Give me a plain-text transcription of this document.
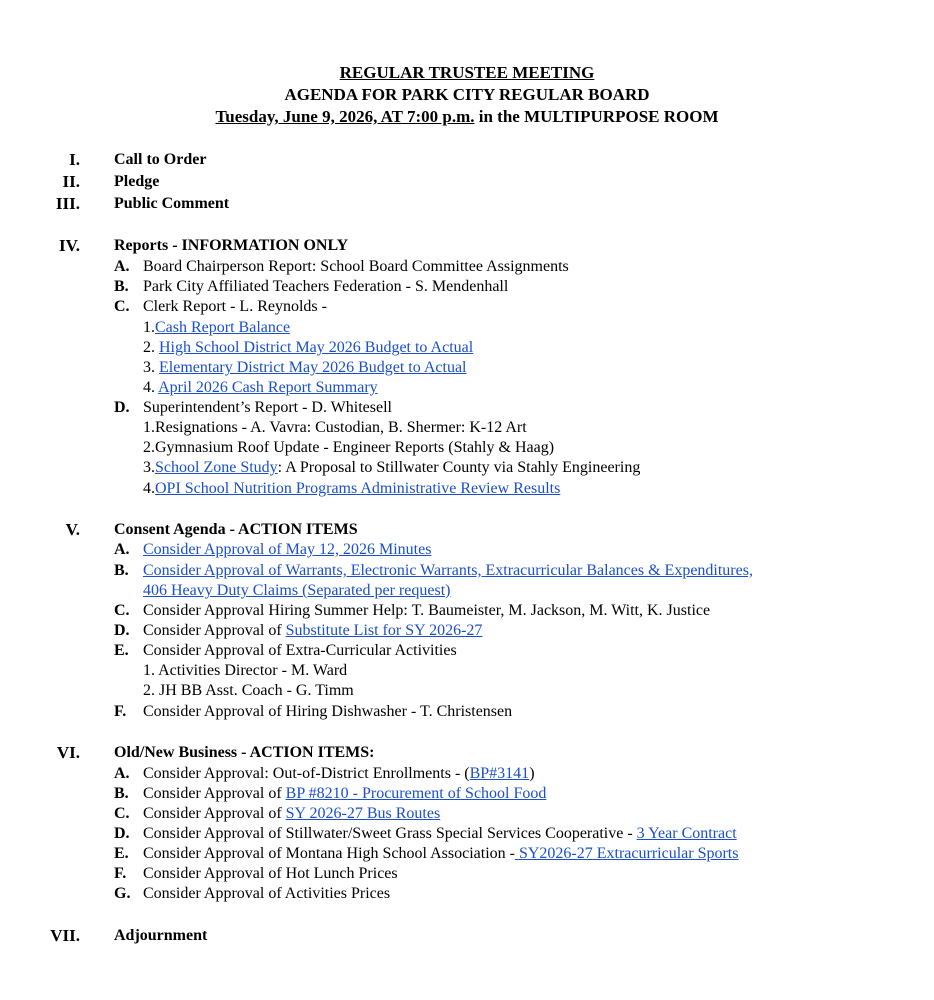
REGULAR TRUSTEE MEETING
AGENDA FOR PARK CITY REGULAR BOARD
Tuesday, June 9, 2026, AT 7:00 p.m. in the MULTIPURPOSE ROOM
I. Call to Order
II. Pledge
III. Public Comment
IV. Reports - INFORMATION ONLY
A. Board Chairperson Report: School Board Committee Assignments
B. Park City Affiliated Teachers Federation - S. Mendenhall
C. Clerk Report - L. Reynolds -
1.Cash Report Balance
2. High School District May 2026 Budget to Actual
3. Elementary District May 2026 Budget to Actual
4. April 2026 Cash Report Summary
D. Superintendent’s Report - D. Whitesell
1.Resignations - A. Vavra: Custodian, B. Shermer: K-12 Art
2.Gymnasium Roof Update - Engineer Reports (Stahly & Haag)
3.School Zone Study: A Proposal to Stillwater County via Stahly Engineering
4.OPI School Nutrition Programs Administrative Review Results
V. Consent Agenda - ACTION ITEMS
A. Consider Approval of May 12, 2026 Minutes
B. Consider Approval of Warrants, Electronic Warrants, Extracurricular Balances & Expenditures,
406 Heavy Duty Claims (Separated per request)
C. Consider Approval Hiring Summer Help: T. Baumeister, M. Jackson, M. Witt, K. Justice
D. Consider Approval of Substitute List for SY 2026-27
E. Consider Approval of Extra-Curricular Activities
1. Activities Director - M. Ward
2. JH BB Asst. Coach - G. Timm
F.	Consider Approval of Hiring Dishwasher - T. Christensen
VI. Old/New Business - ACTION ITEMS:
A. Consider Approval: Out-of-District Enrollments - (BP#3141)
B. Consider Approval of BP #8210 - Procurement of School Food
C. Consider Approval of SY 2026-27 Bus Routes
D. Consider Approval of Stillwater/Sweet Grass Special Services Cooperative - 3 Year Contract
E. Consider Approval of Montana High School Association - SY2026-27 Extracurricular Sports
F.	Consider Approval of Hot Lunch Prices
G. Consider Approval of Activities Prices
VII. Adjournment
